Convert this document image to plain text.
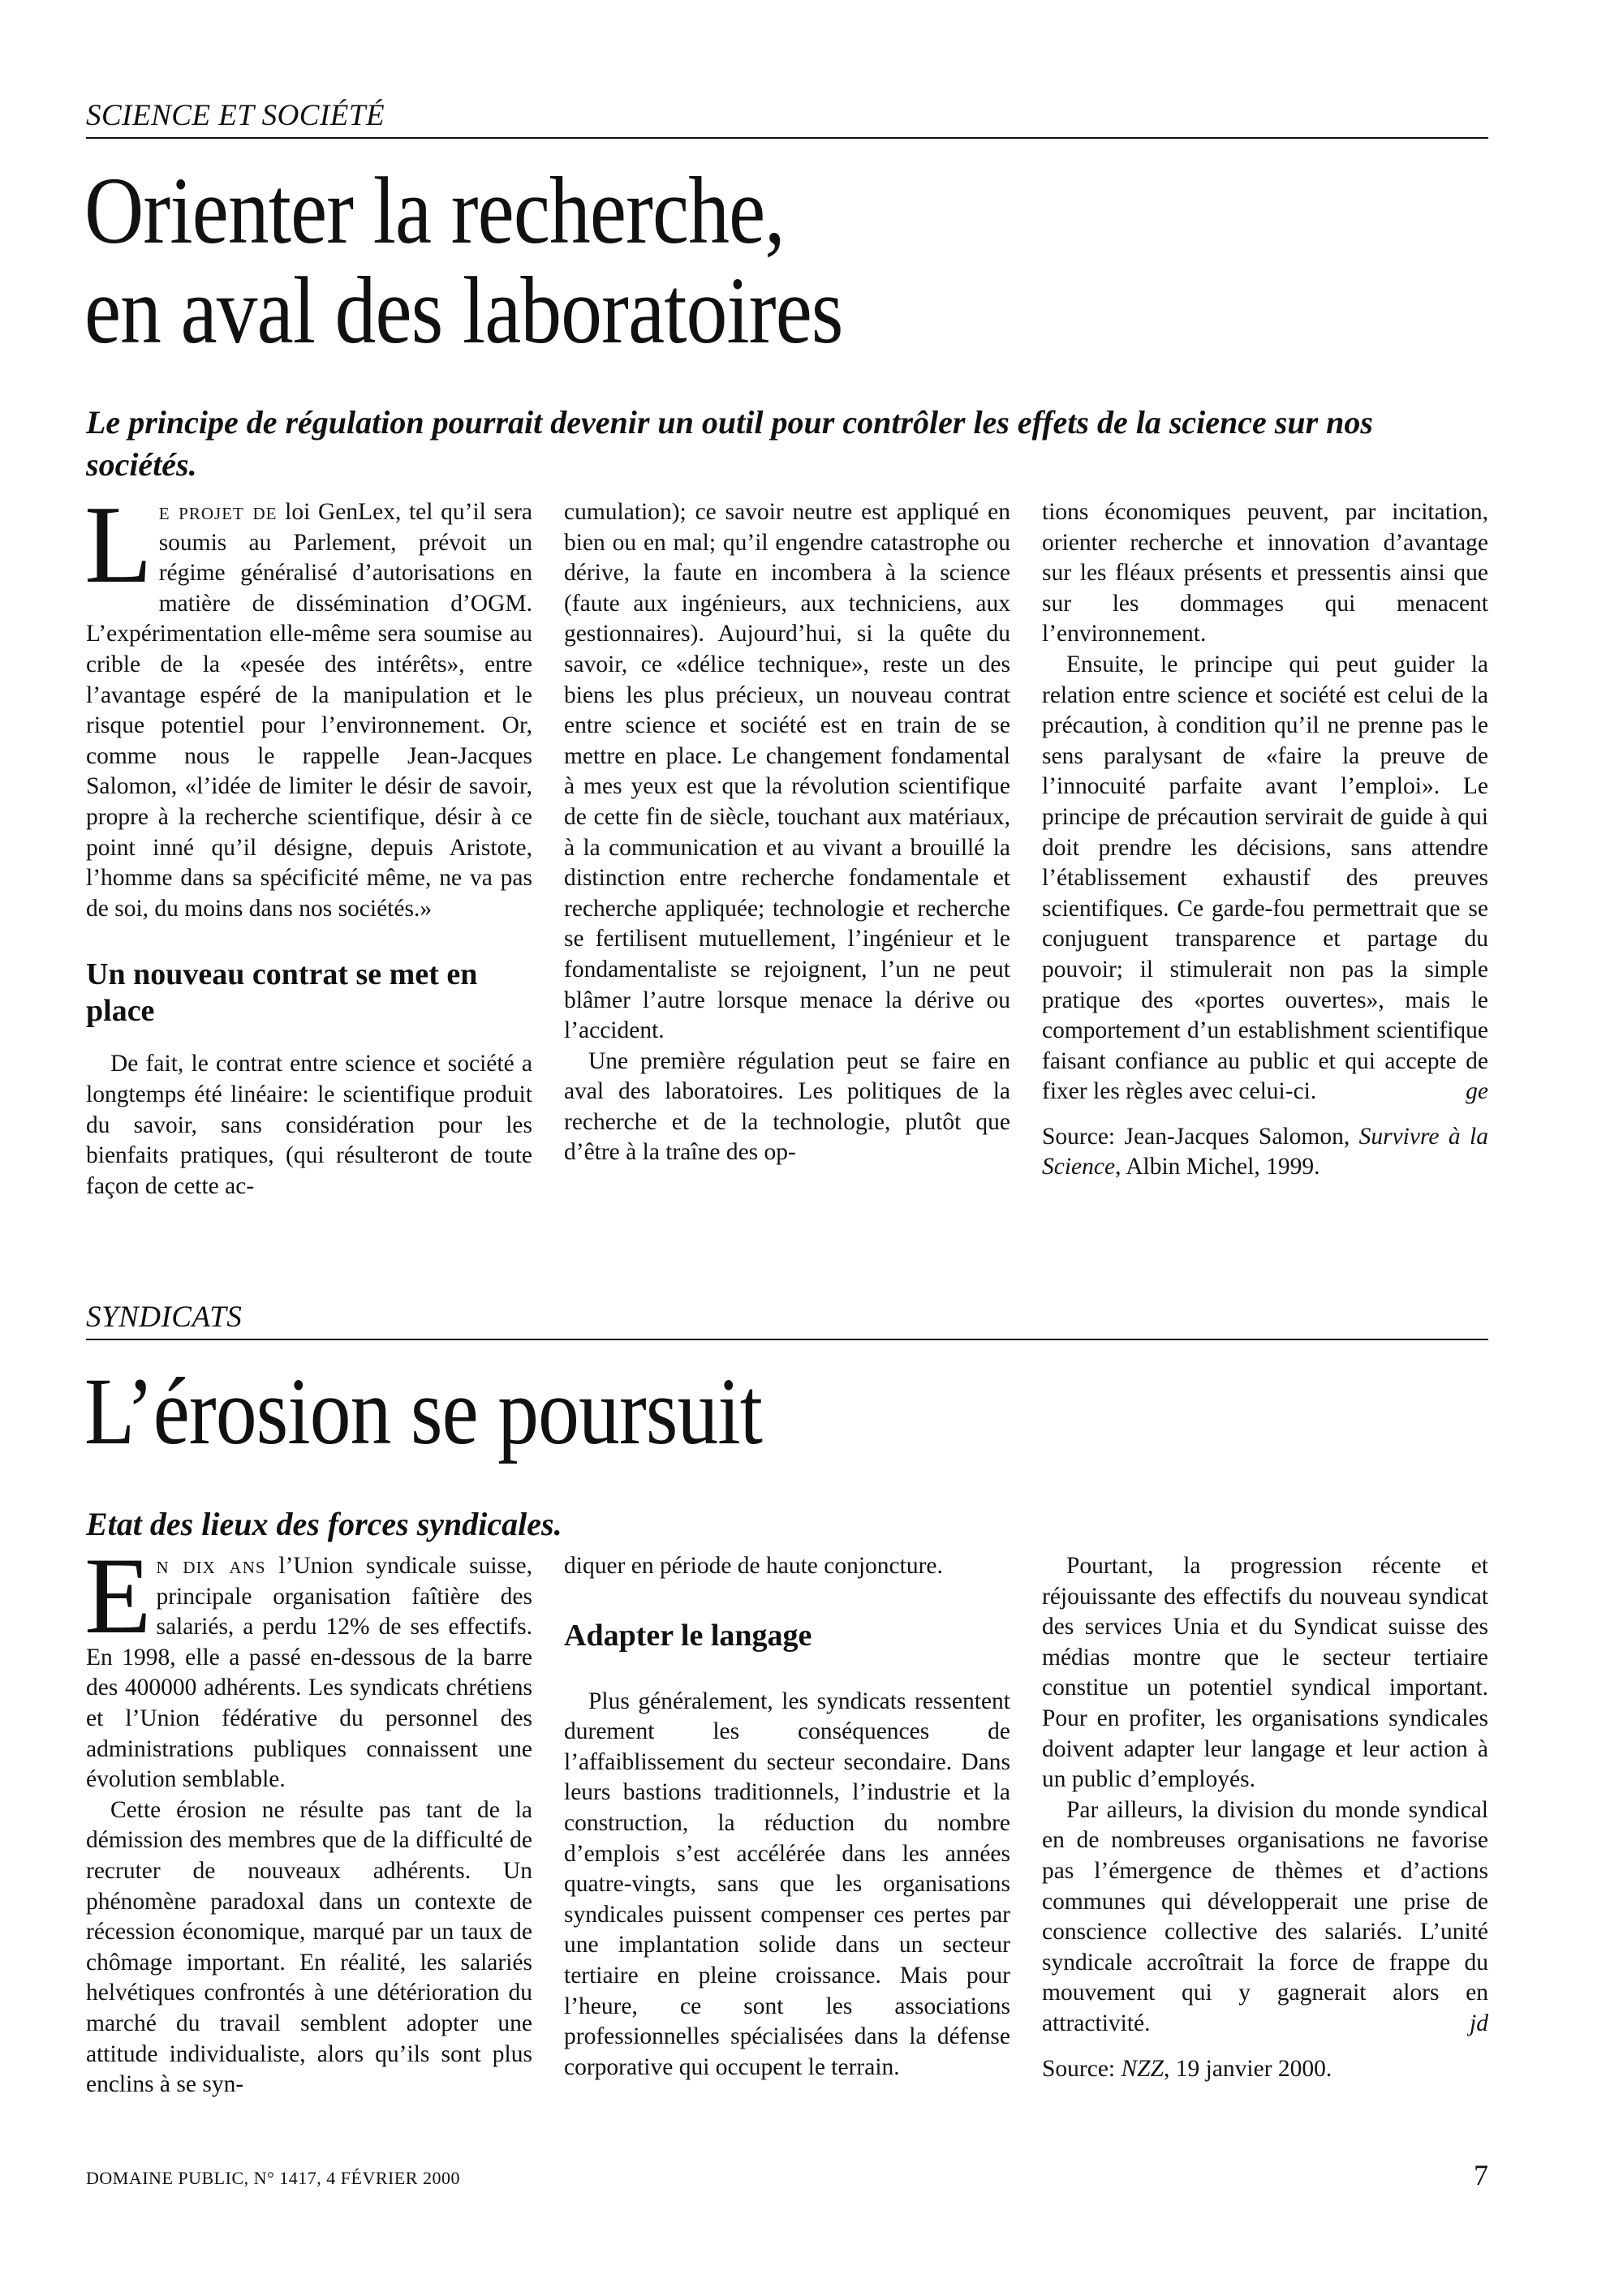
SCIENCE ET SOCIÉTÉ
Orienter la recherche,
en aval des laboratoires

Le principe de régulation pourrait devenir un outil pour contrôler les effets de la science sur nos sociétés.

L e projet de loi GenLex, tel qu’il sera soumis au Parlement, prévoit un régime généralisé d’autorisations en matière de dissémination d’OGM. L’expérimentation elle-même sera soumise au crible de la «pesée des intérêts», entre l’avantage espéré de la manipulation et le risque potentiel pour l’environnement. Or, comme nous le rappelle Jean-Jacques Salomon, «l’idée de limiter le désir de savoir, propre à la recherche scientifique, désir à ce point inné qu’il désigne, depuis Aristote, l’homme dans sa spécificité même, ne va pas de soi, du moins dans nos sociétés.»

Un nouveau contrat se met en place

De fait, le contrat entre science et société a longtemps été linéaire: le scientifique produit du savoir, sans considération pour les bienfaits pratiques, (qui résulteront de toute façon de cette ac-

cumulation); ce savoir neutre est appliqué en bien ou en mal; qu’il engendre catastrophe ou dérive, la faute en incombera à la science (faute aux ingénieurs, aux techniciens, aux gestionnaires). Aujourd’hui, si la quête du savoir, ce «délice technique», reste un des biens les plus précieux, un nouveau contrat entre science et société est en train de se mettre en place. Le changement fondamental à mes yeux est que la révolution scientifique de cette fin de siècle, touchant aux matériaux, à la communication et au vivant a brouillé la distinction entre recherche fondamentale et recherche appliquée; technologie et recherche se fertilisent mutuellement, l’ingénieur et le fondamentaliste se rejoignent, l’un ne peut blâmer l’autre lorsque menace la dérive ou l’accident.

Une première régulation peut se faire en aval des laboratoires. Les politiques de la recherche et de la technologie, plutôt que d’être à la traîne des op-

tions économiques peuvent, par incitation, orienter recherche et innovation d’avantage sur les fléaux présents et pressentis ainsi que sur les dommages qui menacent l’environnement.

Ensuite, le principe qui peut guider la relation entre science et société est celui de la précaution, à condition qu’il ne prenne pas le sens paralysant de «faire la preuve de l’innocuité parfaite avant l’emploi». Le principe de précaution servirait de guide à qui doit prendre les décisions, sans attendre l’établissement exhaustif des preuves scientifiques. Ce garde-fou permettrait que se conjuguent transparence et partage du pouvoir; il stimulerait non pas la simple pratique des «portes ouvertes», mais le comportement d’un establishment scientifique faisant confiance au public et qui accepte de fixer les règles avec celui-ci.	ge

Source: Jean-Jacques Salomon, Survivre à la Science, Albin Michel, 1999.

SYNDICATS
L’érosion se poursuit

Etat des lieux des forces syndicales.

E n dix ans l’Union syndicale suisse, principale organisation faîtière des salariés, a perdu 12% de ses effectifs. En 1998, elle a passé en-dessous de la barre des 400000 adhérents. Les syndicats chrétiens et l’Union fédérative du personnel des administrations publiques connaissent une évolution semblable.

Cette érosion ne résulte pas tant de la démission des membres que de la difficulté de recruter de nouveaux adhérents. Un phénomène paradoxal dans un contexte de récession économique, marqué par un taux de chômage important. En réalité, les salariés helvétiques confrontés à une détérioration du marché du travail semblent adopter une attitude individualiste, alors qu’ils sont plus enclins à se syn-

diquer en période de haute conjoncture.

Adapter le langage

Plus généralement, les syndicats ressentent durement les conséquences de l’affaiblissement du secteur secondaire. Dans leurs bastions traditionnels, l’industrie et la construction, la réduction du nombre d’emplois s’est accélérée dans les années quatre-vingts, sans que les organisations syndicales puissent compenser ces pertes par une implantation solide dans un secteur tertiaire en pleine croissance. Mais pour l’heure, ce sont les associations professionnelles spécialisées dans la défense corporative qui occupent le terrain.

Pourtant, la progression récente et réjouissante des effectifs du nouveau syndicat des services Unia et du Syndicat suisse des médias montre que le secteur tertiaire constitue un potentiel syndical important. Pour en profiter, les organisations syndicales doivent adapter leur langage et leur action à un public d’employés.

Par ailleurs, la division du monde syndical en de nombreuses organisations ne favorise pas l’émergence de thèmes et d’actions communes qui développerait une prise de conscience collective des salariés. L’unité syndicale accroîtrait la force de frappe du mouvement qui y gagnerait alors en attractivité.	jd

Source: NZZ, 19 janvier 2000.

DOMAINE PUBLIC, N° 1417, 4 FÉVRIER 2000	7
